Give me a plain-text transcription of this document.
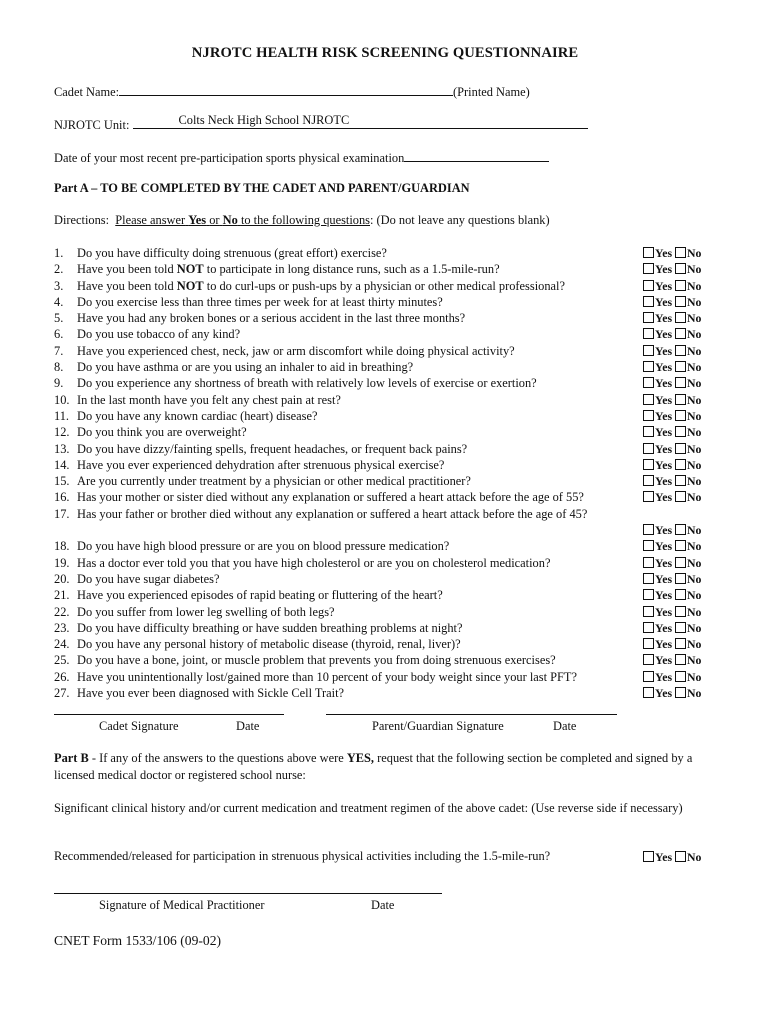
NJROTC HEALTH RISK SCREENING QUESTIONNAIRE
Cadet Name:	(Printed Name)
NJROTC Unit:	Colts Neck High School NJROTC
Date of your most recent pre-participation sports physical examination
Part A – TO BE COMPLETED BY THE CADET AND PARENT/GUARDIAN
Directions: Please answer Yes or No to the following questions: (Do not leave any questions blank)
1.	Do you have difficulty doing strenuous (great effort) exercise?	Yes No
2.	Have you been told NOT to participate in long distance runs, such as a 1.5-mile-run?	Yes No
3.	Have you been told NOT to do curl-ups or push-ups by a physician or other medical professional?	Yes No
4.	Do you exercise less than three times per week for at least thirty minutes?	Yes No
5.	Have you had any broken bones or a serious accident in the last three months?	Yes No
6.	Do you use tobacco of any kind?	Yes No
7.	Have you experienced chest, neck, jaw or arm discomfort while doing physical activity?	Yes No
8.	Do you have asthma or are you using an inhaler to aid in breathing?	Yes No
9.	Do you experience any shortness of breath with relatively low levels of exercise or exertion?	Yes No
10. In the last month have you felt any chest pain at rest?	Yes No
11. Do you have any known cardiac (heart) disease?	Yes No
12. Do you think you are overweight?	Yes No
13. Do you have dizzy/fainting spells, frequent headaches, or frequent back pains?	Yes No
14. Have you ever experienced dehydration after strenuous physical exercise?	Yes No
15. Are you currently under treatment by a physician or other medical practitioner?	Yes No
16. Has your mother or sister died without any explanation or suffered a heart attack before the age of 55?	Yes No
17. Has your father or brother died without any explanation or suffered a heart attack before the age of 45?
Yes No
18. Do you have high blood pressure or are you on blood pressure medication?	Yes No
19. Has a doctor ever told you that you have high cholesterol or are you on cholesterol medication?	Yes No
20. Do you have sugar diabetes?	Yes No
21. Have you experienced episodes of rapid beating or fluttering of the heart?	Yes No
22. Do you suffer from lower leg swelling of both legs?	Yes No
23. Do you have difficulty breathing or have sudden breathing problems at night?	Yes No
24. Do you have any personal history of metabolic disease (thyroid, renal, liver)?	Yes No
25. Do you have a bone, joint, or muscle problem that prevents you from doing strenuous exercises?	Yes No
26. Have you unintentionally lost/gained more than 10 percent of your body weight since your last PFT?	Yes No
27. Have you ever been diagnosed with Sickle Cell Trait?	Yes No
Cadet Signature	Date	Parent/Guardian Signature	Date
Part B - If any of the answers to the questions above were YES, request that the following section be completed and signed by a licensed medical doctor or registered school nurse:
Significant clinical history and/or current medication and treatment regimen of the above cadet: (Use reverse side if necessary)
Recommended/released for participation in strenuous physical activities including the 1.5-mile-run?	Yes No
Signature of Medical Practitioner	Date
CNET Form 1533/106 (09-02)
